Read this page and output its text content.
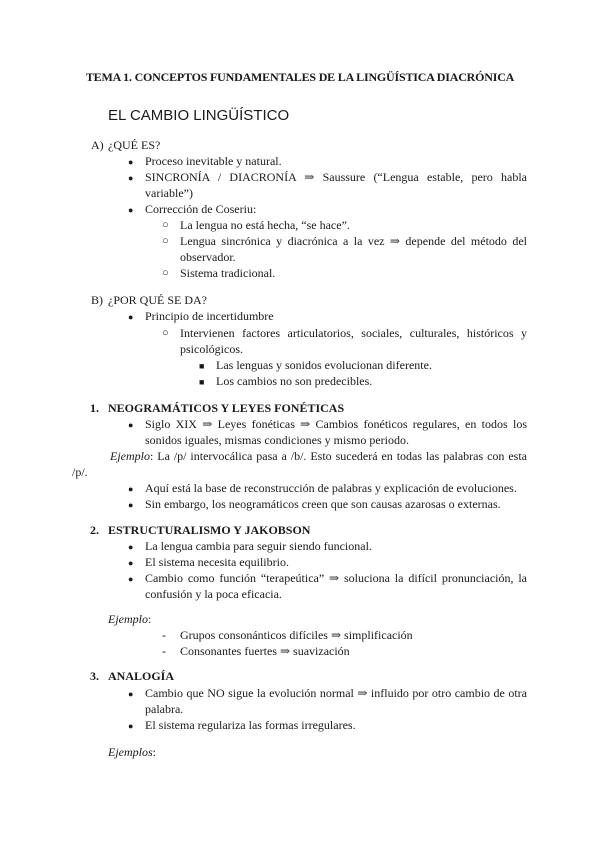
TEMA 1. CONCEPTOS FUNDAMENTALES DE LA LINGÜÍSTICA DIACRÓNICA
EL CAMBIO LINGÜÍSTICO
A) ¿QUÉ ES?
● Proceso inevitable y natural.
● SINCRONÍA / DIACRONÍA ⇒ Saussure (“Lengua estable, pero habla variable”)
● Corrección de Coseriu:
○ La lengua no está hecha, “se hace”.
○ Lengua sincrónica y diacrónica a la vez ⇒ depende del método del observador.
○ Sistema tradicional.
B) ¿POR QUÉ SE DA?
● Principio de incertidumbre
○ Intervienen factores articulatorios, sociales, culturales, históricos y psicológicos.
■ Las lenguas y sonidos evolucionan diferente.
■ Los cambios no son predecibles.
1. NEOGRAMÁTICOS Y LEYES FONÉTICAS
● Siglo XIX ⇒ Leyes fonéticas ⇒ Cambios fonéticos regulares, en todos los sonidos iguales, mismas condiciones y mismo periodo.
Ejemplo: La /p/ intervocálica pasa a /b/. Esto sucederá en todas las palabras con esta /p/.
● Aquí está la base de reconstrucción de palabras y explicación de evoluciones.
● Sin embargo, los neogramáticos creen que son causas azarosas o externas.
2. ESTRUCTURALISMO Y JAKOBSON
● La lengua cambia para seguir siendo funcional.
● El sistema necesita equilibrio.
● Cambio como función “terapeútica” ⇒ soluciona la difícil pronunciación, la confusión y la poca eficacia.
Ejemplo:
- Grupos consonánticos difíciles ⇒ simplificación
- Consonantes fuertes ⇒ suavización
3. ANALOGÍA
● Cambio que NO sigue la evolución normal ⇒ influido por otro cambio de otra palabra.
● El sistema regulariza las formas irregulares.
Ejemplos:
